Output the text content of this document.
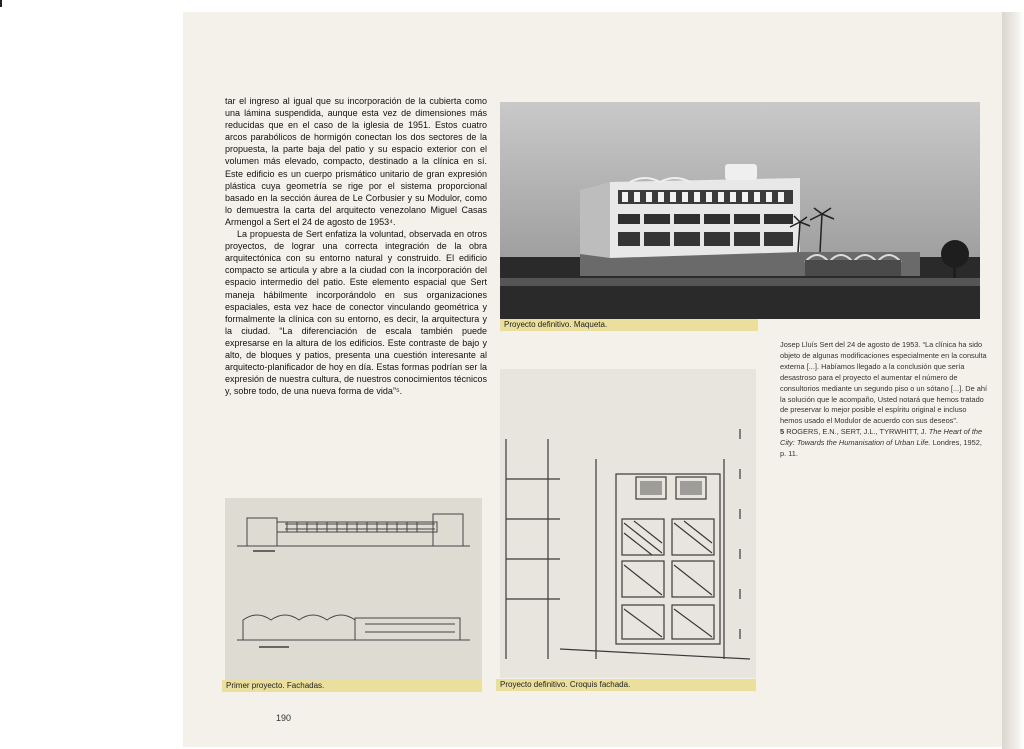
tar el ingreso al igual que su incorporación de la cubierta como una lámina suspendida, aunque esta vez de dimensiones más reducidas que en el caso de la iglesia de 1951. Estos cuatro arcos parabólicos de hormigón conectan los dos sectores de la propuesta, la parte baja del patio y su espacio exterior con el volumen más elevado, compacto, destinado a la clínica en sí. Este edificio es un cuerpo prismático unitario de gran expresión plástica cuya geometría se rige por el sistema proporcional basado en la sección áurea de Le Corbusier y su Modulor, como lo demuestra la carta del arquitecto venezolano Miguel Casas Armengol a Sert el 24 de agosto de 1953⁴.

La propuesta de Sert enfatiza la voluntad, observada en otros proyectos, de lograr una correcta integración de la obra arquitectónica con su entorno natural y construido. El edificio compacto se articula y abre a la ciudad con la incorporación del espacio intermedio del patio. Este elemento espacial que Sert maneja hábilmente incorporándolo en sus organizaciones espaciales, esta vez hace de conector vinculando geométrica y formalmente la clínica con su entorno, es decir, la arquitectura y la ciudad. “La diferenciación de escala también puede expresarse en la altura de los edificios. Este contraste de bajo y alto, de bloques y patios, presenta una cuestión interesante al arquitecto-planificador de hoy en día. Estas formas podrían ser la expresión de nuestra cultura, de nuestros conocimientos técnicos y, sobre todo, de una nueva forma de vida”⁵.

Proyecto definitivo. Maqueta.
Proyecto definitivo. Croquis fachada.
Primer proyecto. Fachadas.

Josep Lluís Sert del 24 de agosto de 1953. “La clínica ha sido objeto de algunas modificaciones especialmente en la consulta externa [...]. Habíamos llegado a la conclusión que sería desastroso para el proyecto el aumentar el número de consultorios mediante un segundo piso o un sótano [...]. De ahí la solución que le acompaño, Usted notará que hemos tratado de preservar lo mejor posible el espíritu original e incluso hemos usado el Modulor de acuerdo con sus deseos”.

5 ROGERS, E.N., SERT, J.L., TYRWHITT, J. The Heart of the City: Towards the Humanisation of Urban Life. Londres, 1952, p. 11.

190
